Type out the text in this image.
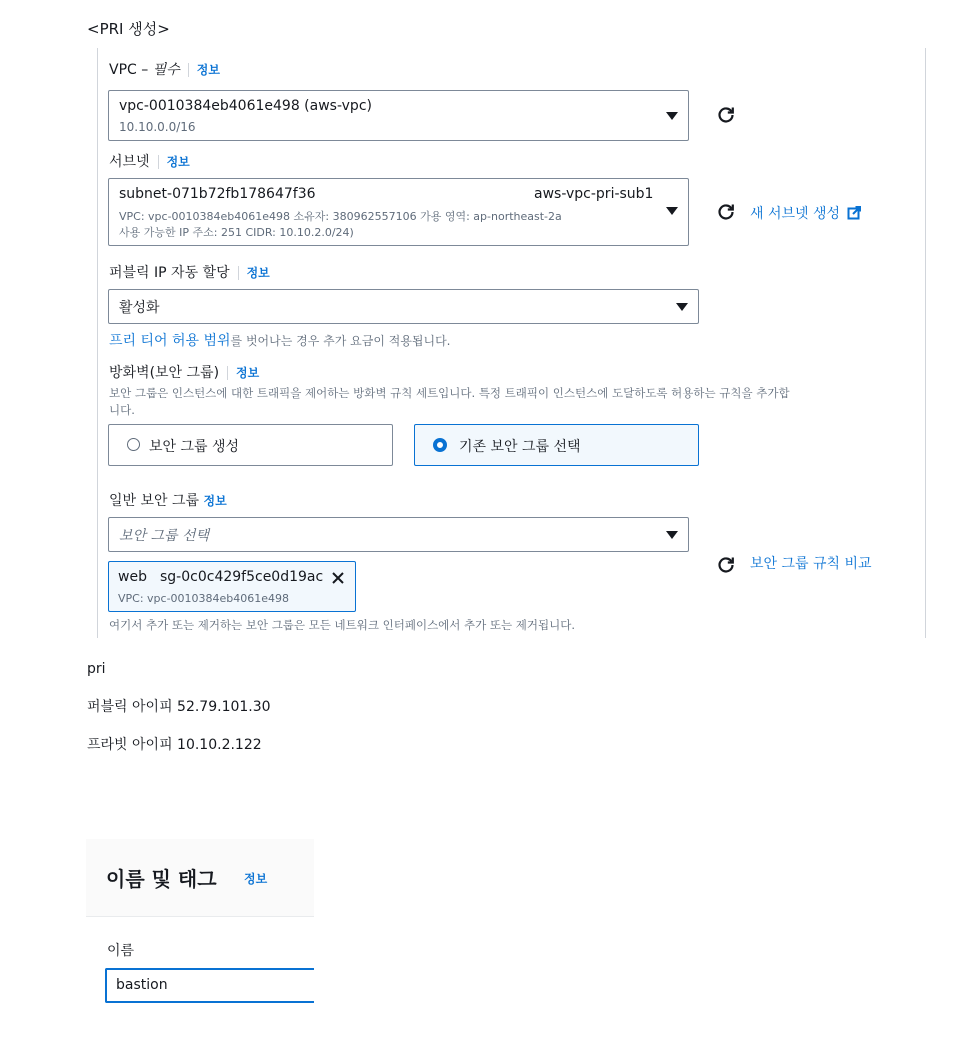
<PRI 생성>
VPC – 필수 정보
vpc-0010384eb4061e498 (aws-vpc)
10.10.0.0/16
서브넷 정보
subnet-071b72fb178647f36	aws-vpc-pri-sub1
VPC: vpc-0010384eb4061e498 소유자: 380962557106 가용 영역: ap-northeast-2a
사용 가능한 IP 주소: 251 CIDR: 10.10.2.0/24)
새 서브넷 생성
퍼블릭 IP 자동 할당 정보
활성화
프리 티어 허용 범위를 벗어나는 경우 추가 요금이 적용됩니다.
방화벽(보안 그룹) 정보
보안 그룹은 인스턴스에 대한 트래픽을 제어하는 방화벽 규칙 세트입니다. 특정 트래픽이 인스턴스에 도달하도록 허용하는 규칙을 추가합
니다.
보안 그룹 생성	기존 보안 그룹 선택
일반 보안 그룹 정보
보안 그룹 선택
보안 그룹 규칙 비교
web sg-0c0c429f5ce0d19ac
VPC: vpc-0010384eb4061e498
여기서 추가 또는 제거하는 보안 그룹은 모든 네트워크 인터페이스에서 추가 또는 제거됩니다.
pri
퍼블릭 아이피 52.79.101.30
프라빗 아이피 10.10.2.122
이름 및 태그 정보
이름
bastion
